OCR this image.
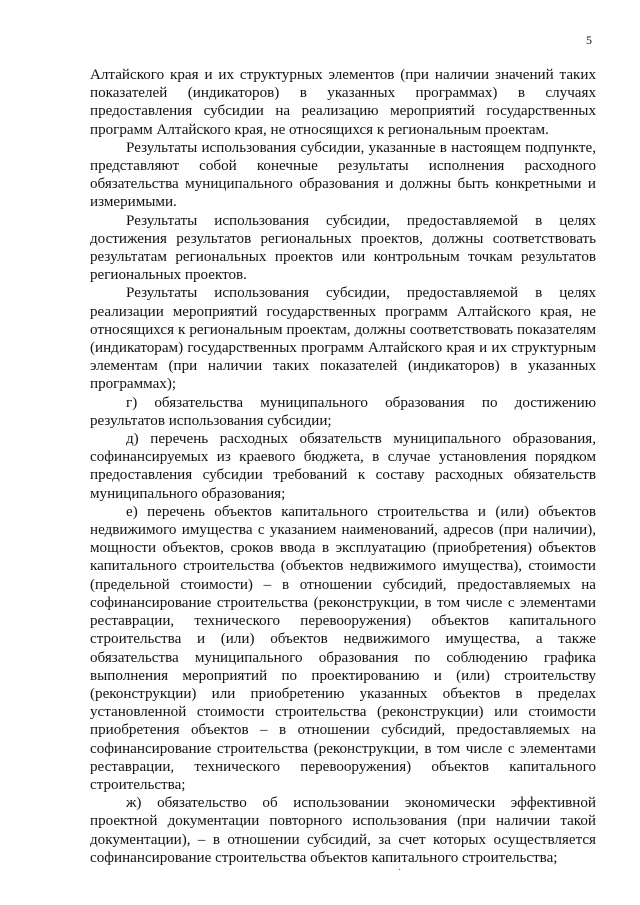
5

Алтайского края и их структурных элементов (при наличии значений таких показателей (индикаторов) в указанных программах) в случаях предоставления субсидии на реализацию мероприятий государственных программ Алтайского края, не относящихся к региональным проектам.

Результаты использования субсидии, указанные в настоящем подпункте, представляют собой конечные результаты исполнения расходного обязательства муниципального образования и должны быть конкретными и измеримыми.

Результаты использования субсидии, предоставляемой в целях достижения результатов региональных проектов, должны соответствовать результатам региональных проектов или контрольным точкам результатов региональных проектов.

Результаты использования субсидии, предоставляемой в целях реализации мероприятий государственных программ Алтайского края, не относящихся к региональным проектам, должны соответствовать показателям (индикаторам) государственных программ Алтайского края и их структурным элементам (при наличии таких показателей (индикаторов) в указанных программах);

г) обязательства муниципального образования по достижению результатов использования субсидии;

д) перечень расходных обязательств муниципального образования, софинансируемых из краевого бюджета, в случае установления порядком предоставления субсидии требований к составу расходных обязательств муниципального образования;

е) перечень объектов капитального строительства и (или) объектов недвижимого имущества с указанием наименований, адресов (при наличии), мощности объектов, сроков ввода в эксплуатацию (приобретения) объектов капитального строительства (объектов недвижимого имущества), стоимости (предельной стоимости) – в отношении субсидий, предоставляемых на софинансирование строительства (реконструкции, в том числе с элементами реставрации, технического перевооружения) объектов капитального строительства и (или) объектов недвижимого имущества, а также обязательства муниципального образования по соблюдению графика выполнения мероприятий по проектированию и (или) строительству (реконструкции) или приобретению указанных объектов в пределах установленной стоимости строительства (реконструкции) или стоимости приобретения объектов – в отношении субсидий, предоставляемых на софинансирование строительства (реконструкции, в том числе с элементами реставрации, технического перевооружения) объектов капитального строительства;

ж) обязательство об использовании экономически эффективной проектной документации повторного использования (при наличии такой документации), – в отношении субсидий, за счет которых осуществляется софинансирование строительства объектов капитального строительства;

·
